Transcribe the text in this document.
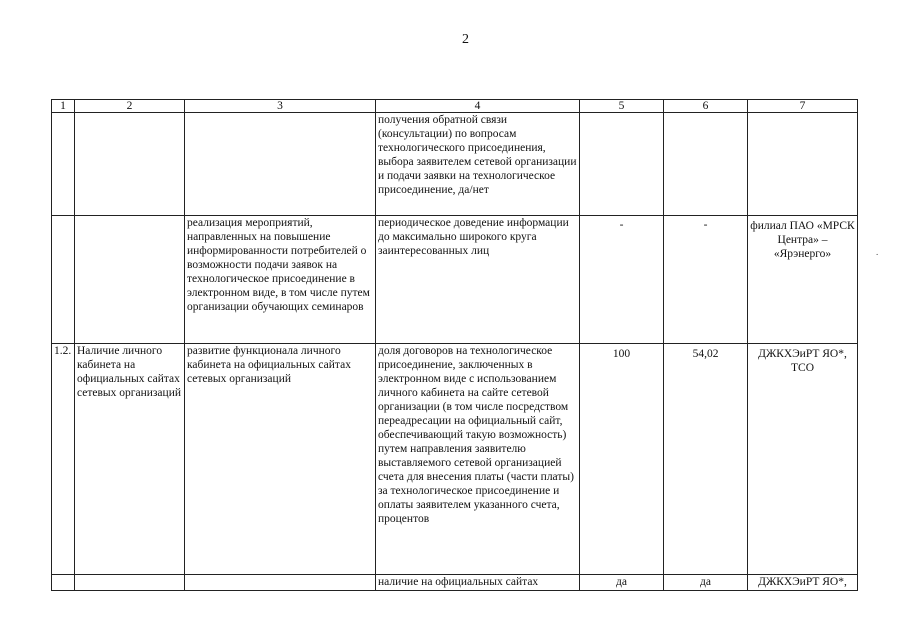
2
1	2	3	4	5	6	7
			получения обратной связи (консультации) по вопросам технологического присоединения, выбора заявителем сетевой организации и подачи заявки на технологическое присоединение, да/нет			
		реализация мероприятий, направленных на повышение информированности потребителей о возможности подачи заявок на технологическое присоединение в электронном виде, в том числе путем организации обучающих семинаров	периодическое доведение информации до максимально широкого круга заинтересованных лиц	-	-	филиал ПАО «МРСК Центра» – «Ярэнерго»
1.2.	Наличие личного кабинета на официальных сайтах сетевых организаций	развитие функционала личного кабинета на официальных сайтах сетевых организаций	доля договоров на технологическое присоединение, заключенных в электронном виде с использованием личного кабинета на сайте сетевой организации (в том числе посредством переадресации на официальный сайт, обеспечивающий такую возможность) путем направления заявителю выставляемого сетевой организацией счета для внесения платы (части платы) за технологическое присоединение и оплаты заявителем указанного счета, процентов	100	54,02	ДЖКХЭиРТ ЯО*, ТСО
			наличие на официальных сайтах	да	да	ДЖКХЭиРТ ЯО*,
.
